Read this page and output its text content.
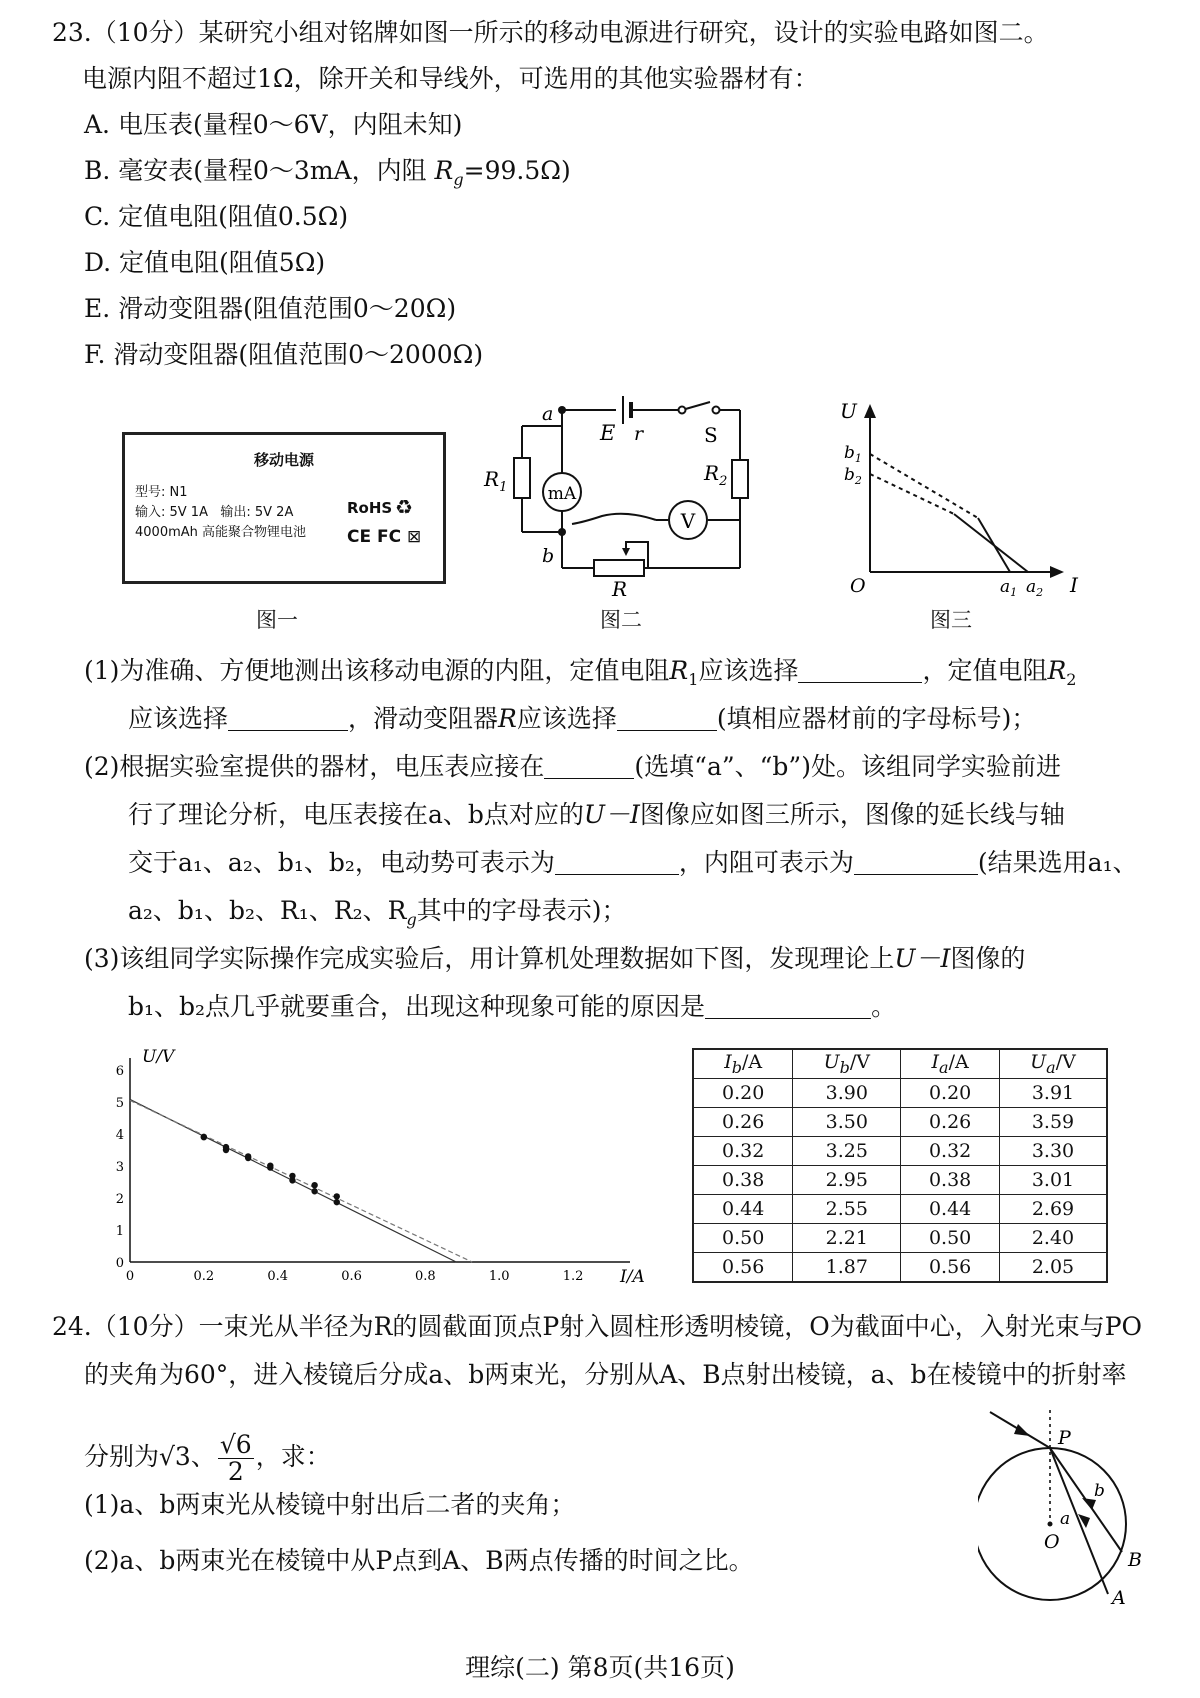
23.（10分）某研究小组对铭牌如图一所示的移动电源进行研究，设计的实验电路如图二。
电源内阻不超过1Ω，除开关和导线外，可选用的其他实验器材有：
A. 电压表(量程0～6V，内阻未知)
B. 毫安表(量程0～3mA，内阻 $R_g=99.5\Omega$)
C. 定值电阻(阻值0.5Ω)
D. 定值电阻(阻值5Ω)
E. 滑动变阻器(阻值范围0～20Ω)
F. 滑动变阻器(阻值范围0～2000Ω)
移动电源
型号: N1
输入: 5V 1A   输出: 5V 2A
4000mAh 高能聚合物锂电池
RoHS ♻
CE FC ⊠
图一
mA
V
a
b
E r	S
$R_1$
$R_2$
R
图二
U
I
O
$b_1$
$b_2$
$a_1$ $a_2$
图三
(1)为准确、方便地测出该移动电源的内阻，定值电阻$R_1$应该选择	，定值电阻$R_2$
应该选择	，滑动变阻器R应该选择	(填相应器材前的字母标号)；
(2)根据实验室提供的器材，电压表应接在	(选填“a”、“b”)处。该组同学实验前进
行了理论分析，电压表接在a、b点对应的U－I图像应如图三所示，图像的延长线与轴
交于a₁、a₂、b₁、b₂，电动势可表示为	，内阻可表示为	(结果选用a₁、
a₂、b₁、b₂、R₁、R₂、$R_g$其中的字母表示)；
(3)该组同学实际操作完成实验后，用计算机处理数据如下图，发现理论上U－I图像的
b₁、b₂点几乎就要重合，出现这种现象可能的原因是	。
U/V
I/A
0
1
2
3
4
5
6
0	0.2	0.4	0.6	0.8	1.0	1.2
$I_b/A$	$U_b/V$	$I_a/A$	$U_a/V$
0.20	3.90	0.20	3.91
0.26	3.50	0.26	3.59
0.32	3.25	0.32	3.30
0.38	2.95	0.38	3.01
0.44	2.55	0.44	2.69
0.50	2.21	0.50	2.40
0.56	1.87	0.56	2.05
24.（10分）一束光从半径为R的圆截面顶点P射入圆柱形透明棱镜，O为截面中心，入射光束与PO
的夹角为60°，进入棱镜后分成a、b两束光，分别从A、B点射出棱镜，a、b在棱镜中的折射率
分别为√3、 $\frac{√6}{2}$ ，求：
(1)a、b两束光从棱镜中射出后二者的夹角；
(2)a、b两束光在棱镜中从P点到A、B两点传播的时间之比。
P
O
B
A
a
b
理综(二) 第8页(共16页)
